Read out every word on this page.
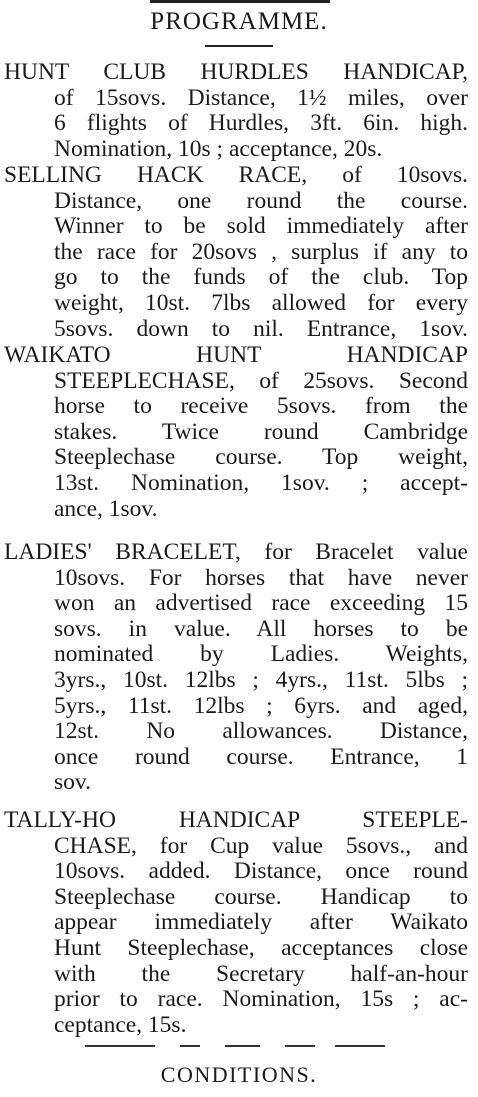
PROGRAMME.
HUNT CLUB HURDLES HANDICAP,
of 15sovs. Distance, 1½ miles, over
6 flights of Hurdles, 3ft. 6in. high.
Nomination, 10s ; acceptance, 20s.
SELLING HACK RACE, of 10sovs.
Distance, one round the course.
Winner to be sold immediately after
the race for 20sovs , surplus if any to
go to the funds of the club. Top
weight, 10st. 7lbs allowed for every
5sovs. down to nil. Entrance, 1sov.
WAIKATO HUNT HANDICAP
STEEPLECHASE, of 25sovs. Second
horse to receive 5sovs. from the
stakes. Twice round Cambridge
Steeplechase course. Top weight,
13st. Nomination, 1sov. ; accept-
ance, 1sov.
LADIES' BRACELET, for Bracelet value
10sovs. For horses that have never
won an advertised race exceeding 15
sovs. in value. All horses to be
nominated by Ladies. Weights,
3yrs., 10st. 12lbs ; 4yrs., 11st. 5lbs ;
5yrs., 11st. 12lbs ; 6yrs. and aged,
12st. No allowances. Distance,
once round course. Entrance, 1
sov.
TALLY-HO HANDICAP STEEPLE-
CHASE, for Cup value 5sovs., and
10sovs. added. Distance, once round
Steeplechase course. Handicap to
appear immediately after Waikato
Hunt Steeplechase, acceptances close
with the Secretary half-an-hour
prior to race. Nomination, 15s ; ac-
ceptance, 15s.
CONDITIONS.
